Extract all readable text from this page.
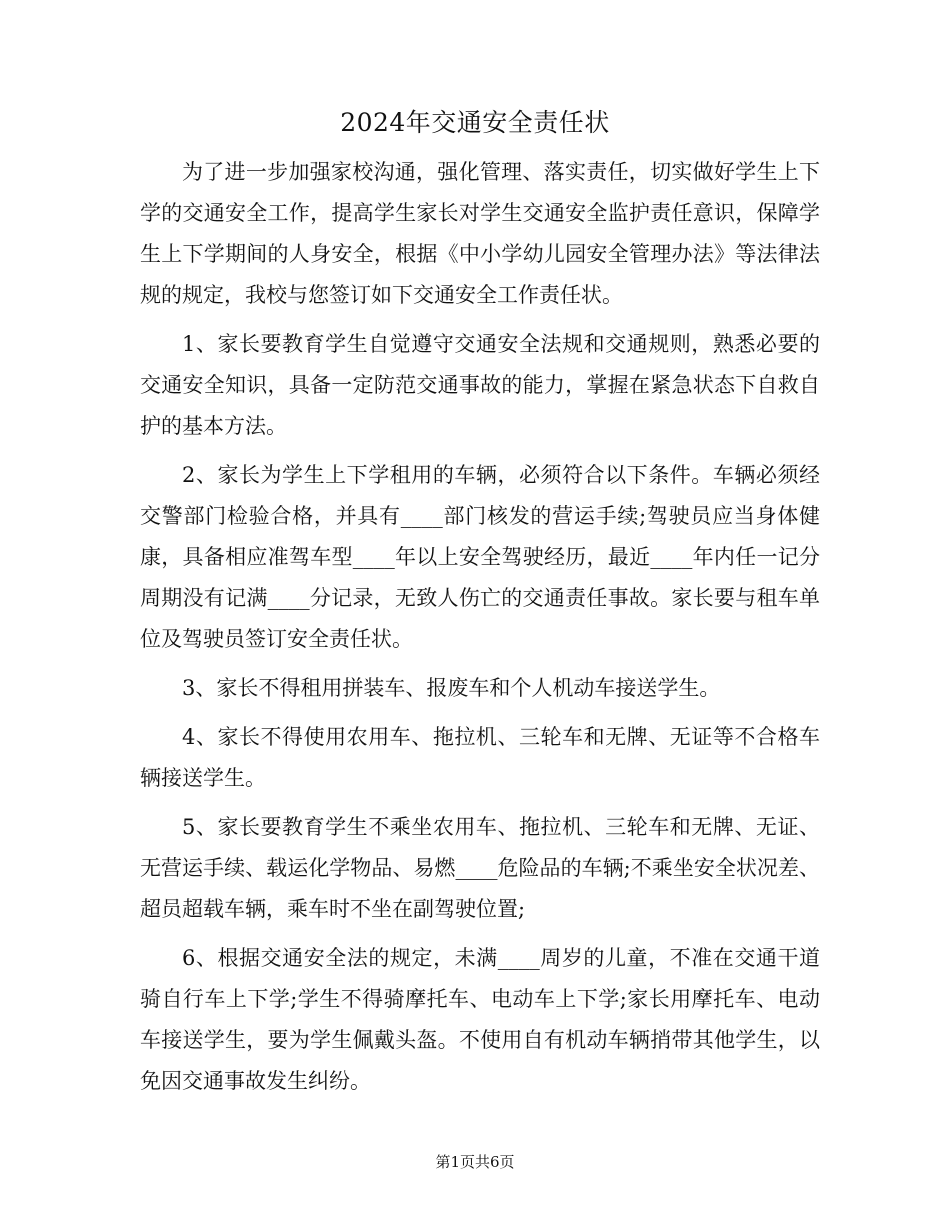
2024年交通安全责任状

为了进一步加强家校沟通，强化管理、落实责任，切实做好学生上下学的交通安全工作，提高学生家长对学生交通安全监护责任意识，保障学生上下学期间的人身安全，根据《中小学幼儿园安全管理办法》等法律法规的规定，我校与您签订如下交通安全工作责任状。

1、家长要教育学生自觉遵守交通安全法规和交通规则，熟悉必要的交通安全知识，具备一定防范交通事故的能力，掌握在紧急状态下自救自护的基本方法。

2、家长为学生上下学租用的车辆，必须符合以下条件。车辆必须经交警部门检验合格，并具有____部门核发的营运手续;驾驶员应当身体健康，具备相应准驾车型____年以上安全驾驶经历，最近____年内任一记分周期没有记满____分记录，无致人伤亡的交通责任事故。家长要与租车单位及驾驶员签订安全责任状。

3、家长不得租用拼装车、报废车和个人机动车接送学生。

4、家长不得使用农用车、拖拉机、三轮车和无牌、无证等不合格车辆接送学生。

5、家长要教育学生不乘坐农用车、拖拉机、三轮车和无牌、无证、无营运手续、载运化学物品、易燃____危险品的车辆;不乘坐安全状况差、超员超载车辆，乘车时不坐在副驾驶位置;

6、根据交通安全法的规定，未满____周岁的儿童，不准在交通干道骑自行车上下学;学生不得骑摩托车、电动车上下学;家长用摩托车、电动车接送学生，要为学生佩戴头盔。不使用自有机动车辆捎带其他学生，以免因交通事故发生纠纷。

第1页共6页
